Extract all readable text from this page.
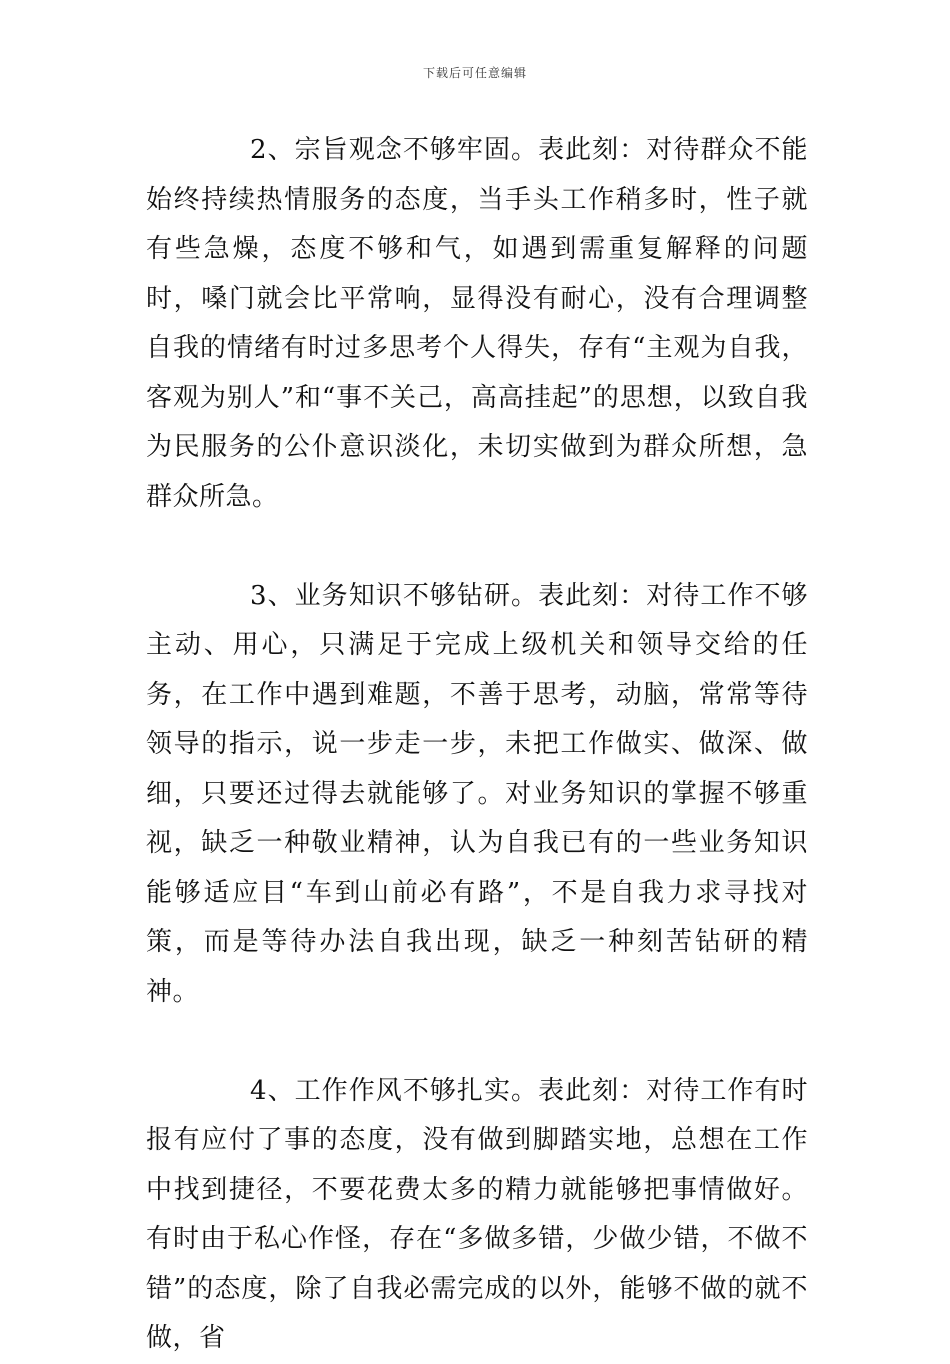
下载后可任意编辑

2、宗旨观念不够牢固。表此刻：对待群众不能始终持续热情服务的态度，当手头工作稍多时，性子就有些急燥，态度不够和气，如遇到需重复解释的问题时，嗓门就会比平常响，显得没有耐心，没有合理调整自我的情绪有时过多思考个人得失，存有“主观为自我，客观为别人”和“事不关己，高高挂起”的思想，以致自我为民服务的公仆意识淡化，未切实做到为群众所想，急群众所急。

3、业务知识不够钻研。表此刻：对待工作不够主动、用心，只满足于完成上级机关和领导交给的任务，在工作中遇到难题，不善于思考，动脑，常常等待领导的指示，说一步走一步，未把工作做实、做深、做细，只要还过得去就能够了。对业务知识的掌握不够重视，缺乏一种敬业精神，认为自我已有的一些业务知识能够适应目“车到山前必有路”，不是自我力求寻找对策，而是等待办法自我出现，缺乏一种刻苦钻研的精神。

4、工作作风不够扎实。表此刻：对待工作有时报有应付了事的态度，没有做到脚踏实地，总想在工作中找到捷径，不要花费太多的精力就能够把事情做好。有时由于私心作怪，存在“多做多错，少做少错，不做不错”的态度，除了自我必需完成的以外，能够不做的就不做，省
